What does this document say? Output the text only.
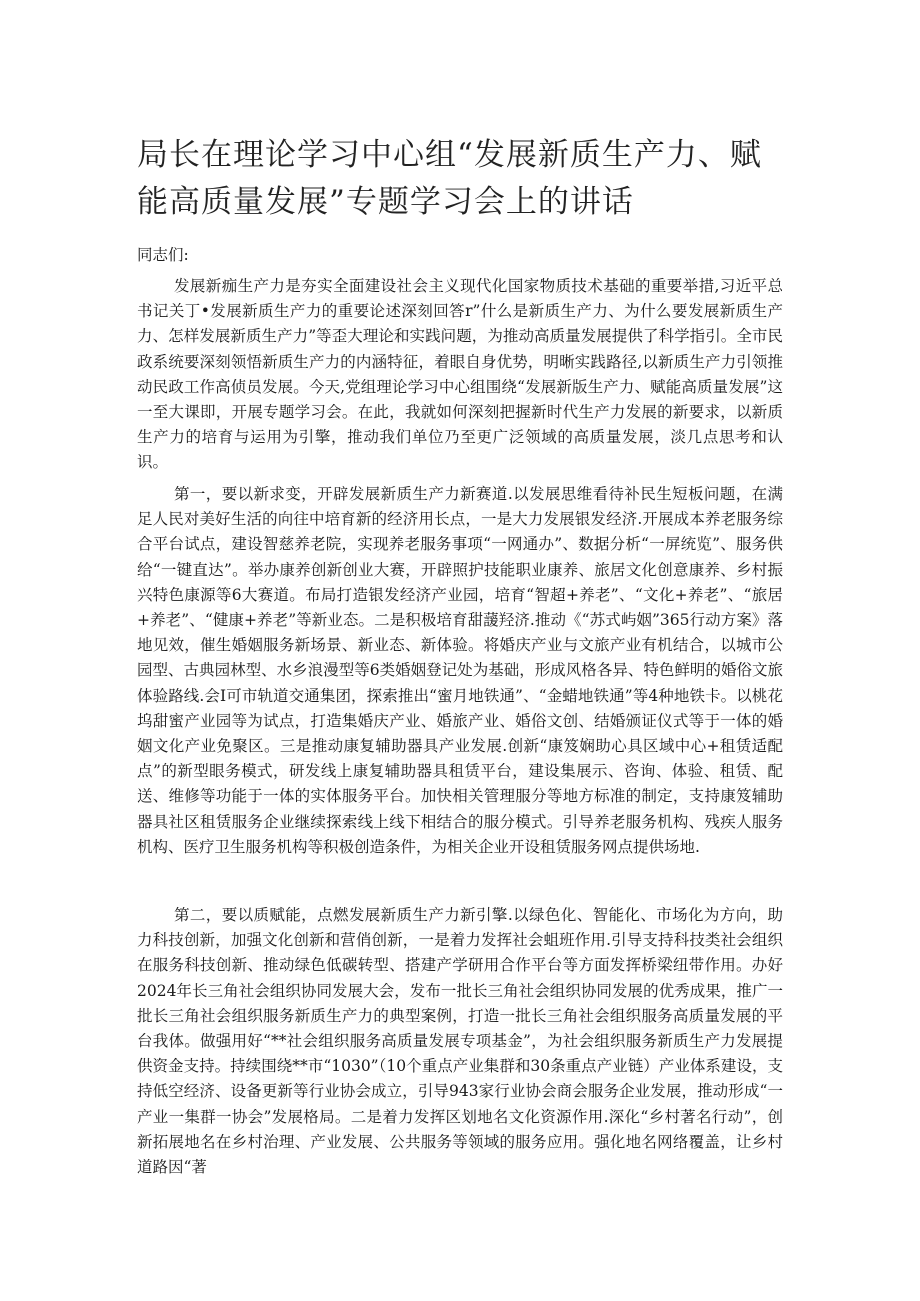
局长在理论学习中心组“发展新质生产力、赋能高质量发展”专题学习会上的讲话

同志们:

发展新痂生产力是夯实全面建设社会主义现代化国家物质技术基础的重要举措,习近平总书记关丁•发展新质生产力的重要论述深刻回答r”什么是新质生产力、为什么要发展新质生产力、怎样发展新质生产力”等歪大理论和实践问题，为推动高质量发展提供了科学指引。全市民政系统要深刻领悟新质生产力的内涵特征，着眼自身优势，明晰实践路径,以新质生产力引领推动民政工作高侦员发展。今天,党组理论学习中心组围绕“发展新版生产力、赋能高质量发展”这一至大课即，开展专题学习会。在此，我就如何深刻把握新时代生产力发展的新要求，以新质生产力的培育与运用为引擎，推动我们单位乃至更广泛领域的高质量发展，淡几点思考和认识。

第一，要以新求变，开辟发展新质生产力新赛道.以发展思维看待补民生短板问题，在满足人民对美好生活的向往中培育新的经济用长点，一是大力发展银发经济.开展成本养老服务综合平台试点，建设智慈养老院，实现养老服务事项“一网通办”、数据分析“一屏统览”、服务供给“一键直达”。举办康养创新创业大赛，开辟照护技能职业康养、旅居文化创意康养、乡村振兴特色康源等6大赛道。布局打造银发经济产业园，培育“智超+养老”、“文化+养老”、“旅居+养老”、“健康+养老”等新业态。二是积极培育甜蘐羟济.推动《“苏式屿姻”365行动方案》落地见效，催生婚姻服务新场景、新业态、新体验。将婚庆产业与文旅产业有机结合，以城市公园型、古典园林型、水乡浪漫型等6类婚姻登记处为基础，形成风格各异、特色鲜明的婚俗文旅体验路线.会I可市轨道交通集团，探索推出“蜜月地铁通”、“金蜡地铁通”等4种地铁卡。以桃花坞甜蜜产业园等为试点，打造集婚庆产业、婚旅产业、婚俗文创、结婚颁证仪式等于一体的婚姻文化产业免聚区。三是推动康复辅助器具产业发展.创新“康笈娴助心具区域中心+租赁适配点”的新型眼务模式，研发线上康复辅助器具租赁平台，建设集展示、咨询、体验、租赁、配送、维修等功能于一体的实体服务平台。加快相关管理服分等地方标准的制定，支持康笈辅助器具社区租赁服务企业继续探索线上线下相结合的服分模式。引导养老服务机构、残疾人服务机构、医疗卫生服务机构等积极创造条件，为相关企业开设租赁服务网点提供场地.

第二，要以质赋能，点燃发展新质生产力新引擎.以绿色化、智能化、市场化为方向，助力科技创新，加强文化创新和营俏创新，一是着力发挥社会蛆班作用.引导支持科技类社会组织在服务科技创新、推动绿色低碳转型、搭建产学研用合作平台等方面发挥桥梁纽带作用。办好2024年长三角社会组织协同发展大会，发布一批长三角社会组织协同发展的优秀成果，推广一批长三角社会组织服务新质生产力的典型案例，打造一批长三角社会组织服务高质量发展的平台我体。做强用好“**社会组织服务高质量发展专项基金”，为社会组织服务新质生产力发展提供资金支持。持续围绕**市“1030”（10个重点产业集群和30条重点产业链）产业体系建设，支持低空经济、设备更新等行业协会成立，引导943家行业协会商会服务企业发展，推动形成“一产业一集群一协会”发展格局。二是着力发挥区划地名文化资源作用.深化“乡村著名行动”，创新拓展地名在乡村治理、产业发展、公共服务等领域的服务应用。强化地名网络覆盖，让乡村道路因“著
